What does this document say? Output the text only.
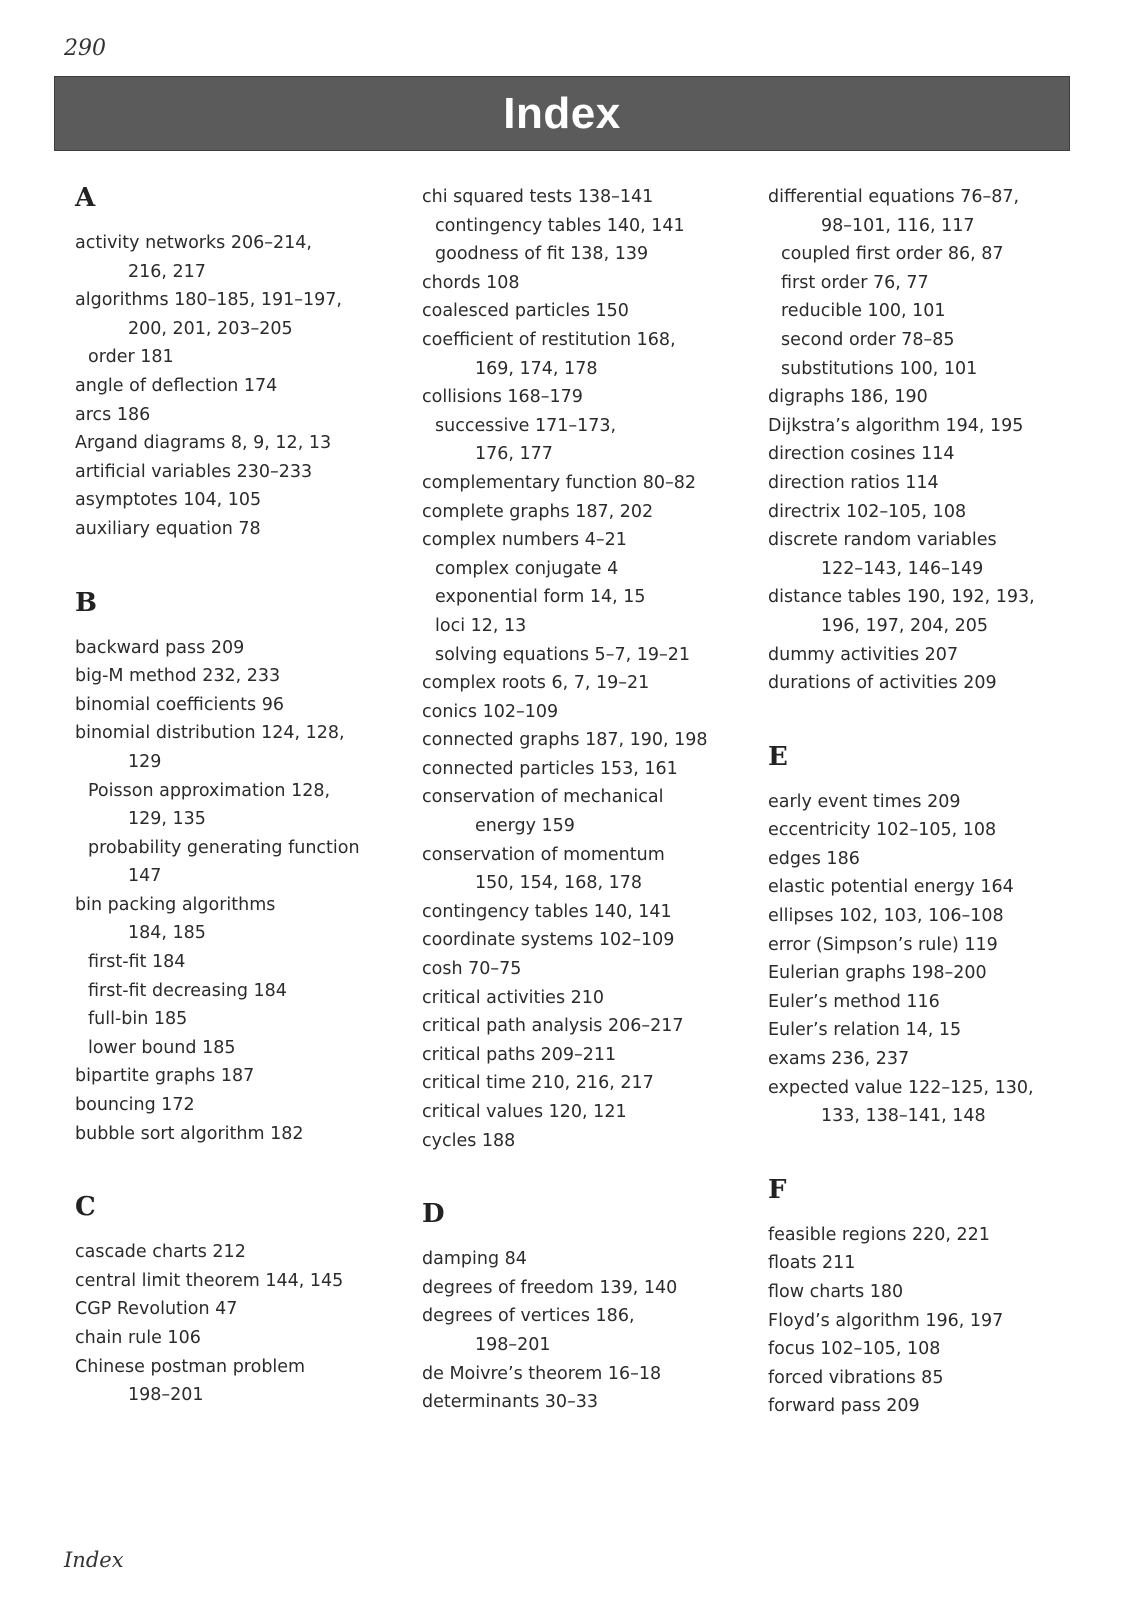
290
Index
A
activity networks 206–214,
216, 217
algorithms 180–185, 191–197,
200, 201, 203–205
order 181
angle of deflection 174
arcs 186
Argand diagrams 8, 9, 12, 13
artificial variables 230–233
asymptotes 104, 105
auxiliary equation 78
B
backward pass 209
big-M method 232, 233
binomial coefficients 96
binomial distribution 124, 128,
129
Poisson approximation 128,
129, 135
probability generating function
147
bin packing algorithms
184, 185
first-fit 184
first-fit decreasing 184
full-bin 185
lower bound 185
bipartite graphs 187
bouncing 172
bubble sort algorithm 182
C
cascade charts 212
central limit theorem 144, 145
CGP Revolution 47
chain rule 106
Chinese postman problem
198–201
chi squared tests 138–141
contingency tables 140, 141
goodness of fit 138, 139
chords 108
coalesced particles 150
coefficient of restitution 168,
169, 174, 178
collisions 168–179
successive 171–173,
176, 177
complementary function 80–82
complete graphs 187, 202
complex numbers 4–21
complex conjugate 4
exponential form 14, 15
loci 12, 13
solving equations 5–7, 19–21
complex roots 6, 7, 19–21
conics 102–109
connected graphs 187, 190, 198
connected particles 153, 161
conservation of mechanical
energy 159
conservation of momentum
150, 154, 168, 178
contingency tables 140, 141
coordinate systems 102–109
cosh 70–75
critical activities 210
critical path analysis 206–217
critical paths 209–211
critical time 210, 216, 217
critical values 120, 121
cycles 188
D
damping 84
degrees of freedom 139, 140
degrees of vertices 186,
198–201
de Moivre’s theorem 16–18
determinants 30–33
differential equations 76–87,
98–101, 116, 117
coupled first order 86, 87
first order 76, 77
reducible 100, 101
second order 78–85
substitutions 100, 101
digraphs 186, 190
Dijkstra’s algorithm 194, 195
direction cosines 114
direction ratios 114
directrix 102–105, 108
discrete random variables
122–143, 146–149
distance tables 190, 192, 193,
196, 197, 204, 205
dummy activities 207
durations of activities 209
E
early event times 209
eccentricity 102–105, 108
edges 186
elastic potential energy 164
ellipses 102, 103, 106–108
error (Simpson’s rule) 119
Eulerian graphs 198–200
Euler’s method 116
Euler’s relation 14, 15
exams 236, 237
expected value 122–125, 130,
133, 138–141, 148
F
feasible regions 220, 221
floats 211
flow charts 180
Floyd’s algorithm 196, 197
focus 102–105, 108
forced vibrations 85
forward pass 209
Index
